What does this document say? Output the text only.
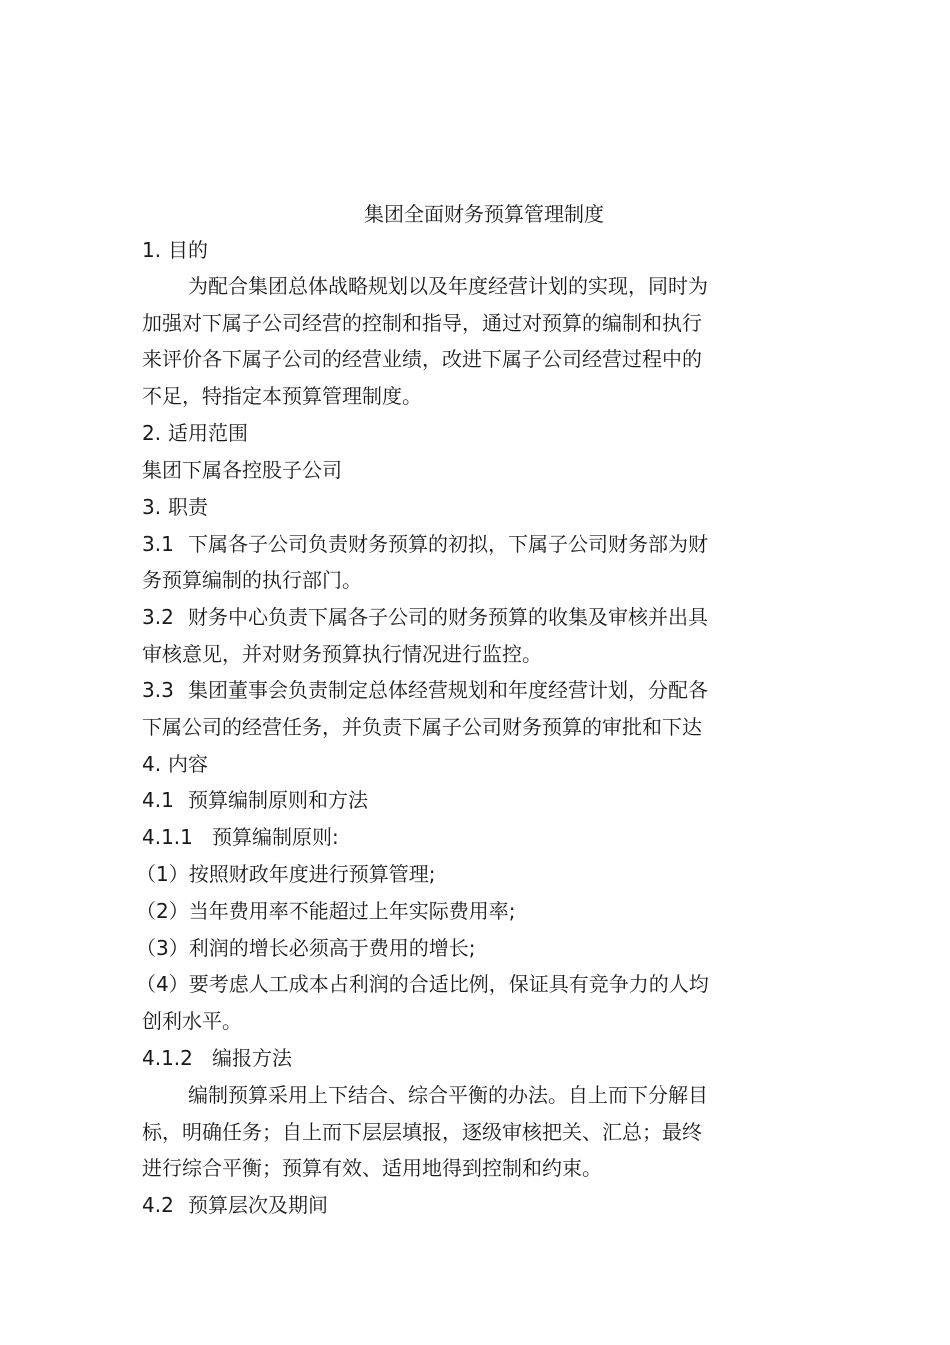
集团全面财务预算管理制度
1. 目的
为配合集团总体战略规划以及年度经营计划的实现，同时为
加强对下属子公司经营的控制和指导，通过对预算的编制和执行
来评价各下属子公司的经营业绩，改进下属子公司经营过程中的
不足，特指定本预算管理制度。
2. 适用范围
集团下属各控股子公司
3. 职责
3.1 下属各子公司负责财务预算的初拟，下属子公司财务部为财
务预算编制的执行部门。
3.2 财务中心负责下属各子公司的财务预算的收集及审核并出具
审核意见，并对财务预算执行情况进行监控。
3.3 集团董事会负责制定总体经营规划和年度经营计划，分配各
下属公司的经营任务，并负责下属子公司财务预算的审批和下达
4. 内容
4.1 预算编制原则和方法
4.1.1 预算编制原则:
（1）按照财政年度进行预算管理;
（2）当年费用率不能超过上年实际费用率;
（3）利润的增长必须高于费用的增长;
（4）要考虑人工成本占利润的合适比例，保证具有竞争力的人均
创利水平。
4.1.2 编报方法
编制预算采用上下结合、综合平衡的办法。自上而下分解目
标，明确任务；自上而下层层填报，逐级审核把关、汇总；最终
进行综合平衡；预算有效、适用地得到控制和约束。
4.2 预算层次及期间
